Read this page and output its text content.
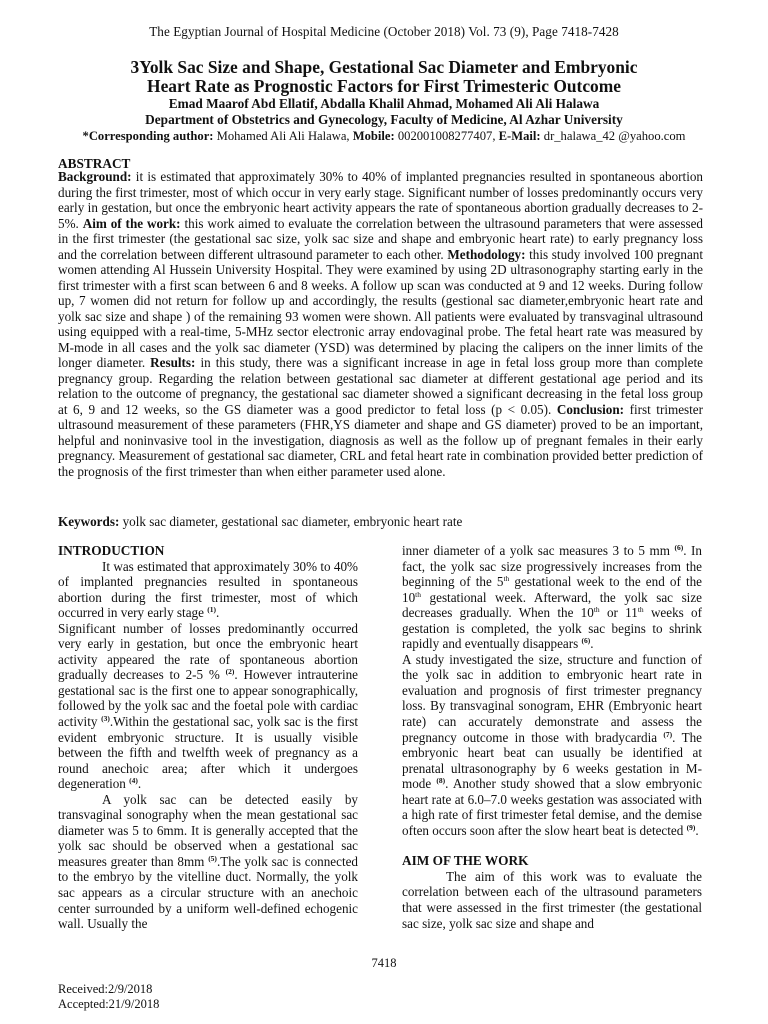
The Egyptian Journal of Hospital Medicine (October 2018) Vol. 73 (9), Page 7418-7428
3Yolk Sac Size and Shape, Gestational Sac Diameter and Embryonic
Heart Rate as Prognostic Factors for First Trimesteric Outcome
Emad Maarof Abd Ellatif, Abdalla Khalil Ahmad, Mohamed Ali Ali Halawa
Department of Obstetrics and Gynecology, Faculty of Medicine, Al Azhar University
*Corresponding author: Mohamed Ali Ali Halawa, Mobile: 002001008277407, E-Mail: dr_halawa_42 @yahoo.com
ABSTRACT
Background: it is estimated that approximately 30% to 40% of implanted pregnancies resulted in spontaneous abortion during the first trimester, most of which occur in very early stage. Significant number of losses predominantly occurs very early in gestation, but once the embryonic heart activity appears the rate of spontaneous abortion gradually decreases to 2-5%. Aim of the work: this work aimed to evaluate the correlation between the ultrasound parameters that were assessed in the first trimester (the gestational sac size, yolk sac size and shape and embryonic heart rate) to early pregnancy loss and the correlation between different ultrasound parameter to each other. Methodology: this study involved 100 pregnant women attending Al Hussein University Hospital. They were examined by using 2D ultrasonography starting early in the first trimester with a first scan between 6 and 8 weeks. A follow up scan was conducted at 9 and 12 weeks. During follow up, 7 women did not return for follow up and accordingly, the results (gestional sac diameter,embryonic heart rate and yolk sac size and shape ) of the remaining 93 women were shown. All patients were evaluated by transvaginal ultrasound using equipped with a real-time, 5-MHz sector electronic array endovaginal probe. The fetal heart rate was measured by M-mode in all cases and the yolk sac diameter (YSD) was determined by placing the calipers on the inner limits of the longer diameter. Results: in this study, there was a significant increase in age in fetal loss group more than complete pregnancy group. Regarding the relation between gestational sac diameter at different gestational age period and its relation to the outcome of pregnancy, the gestational sac diameter showed a significant decreasing in the fetal loss group at 6, 9 and 12 weeks, so the GS diameter was a good predictor to fetal loss (p < 0.05). Conclusion: first trimester ultrasound measurement of these parameters (FHR,YS diameter and shape and GS diameter) proved to be an important, helpful and noninvasive tool in the investigation, diagnosis as well as the follow up of pregnant females in their early pregnancy. Measurement of gestational sac diameter, CRL and fetal heart rate in combination provided better prediction of the prognosis of the first trimester than when either parameter used alone.
Keywords: yolk sac diameter, gestational sac diameter, embryonic heart rate
INTRODUCTION

It was estimated that approximately 30% to 40% of implanted pregnancies resulted in spontaneous abortion during the first trimester, most of which occurred in very early stage $^{(1)}$.

Significant number of losses predominantly occurred very early in gestation, but once the embryonic heart activity appeared the rate of spontaneous abortion gradually decreases to 2-5 % $^{(2)}$. However intrauterine gestational sac is the first one to appear sonographically, followed by the yolk sac and the foetal pole with cardiac activity $^{(3)}$.Within the gestational sac, yolk sac is the first evident embryonic structure. It is usually visible between the fifth and twelfth week of pregnancy as a round anechoic area; after which it undergoes degeneration $^{(4)}$.

A yolk sac can be detected easily by transvaginal sonography when the mean gestational sac diameter was 5 to 6mm. It is generally accepted that the yolk sac should be observed when a gestational sac measures greater than 8mm $^{(5)}$.The yolk sac is connected to the embryo by the vitelline duct. Normally, the yolk sac appears as a circular structure with an anechoic center surrounded by a uniform well-defined echogenic wall. Usually the

inner diameter of a yolk sac measures 3 to 5 mm $^{(6)}$. In fact, the yolk sac size progressively increases from the beginning of the 5th gestational week to the end of the 10th gestational week. Afterward, the yolk sac size decreases gradually. When the 10th or 11th weeks of gestation is completed, the yolk sac begins to shrink rapidly and eventually disappears $^{(6)}$.

A study investigated the size, structure and function of the yolk sac in addition to embryonic heart rate in evaluation and prognosis of first trimester pregnancy loss. By transvaginal sonogram, EHR (Embryonic heart rate) can accurately demonstrate and assess the pregnancy outcome in those with bradycardia $^{(7)}$. The embryonic heart beat can usually be identified at prenatal ultrasonography by 6 weeks gestation in M-mode $^{(8)}$. Another study showed that a slow embryonic heart rate at 6.0–7.0 weeks gestation was associated with a high rate of first trimester fetal demise, and the demise often occurs soon after the slow heart beat is detected $^{(9)}$.

AIM OF THE WORK

The aim of this work was to evaluate the correlation between each of the ultrasound parameters that were assessed in the first trimester (the gestational sac size, yolk sac size and shape and

7418
Received:2/9/2018
Accepted:21/9/2018
